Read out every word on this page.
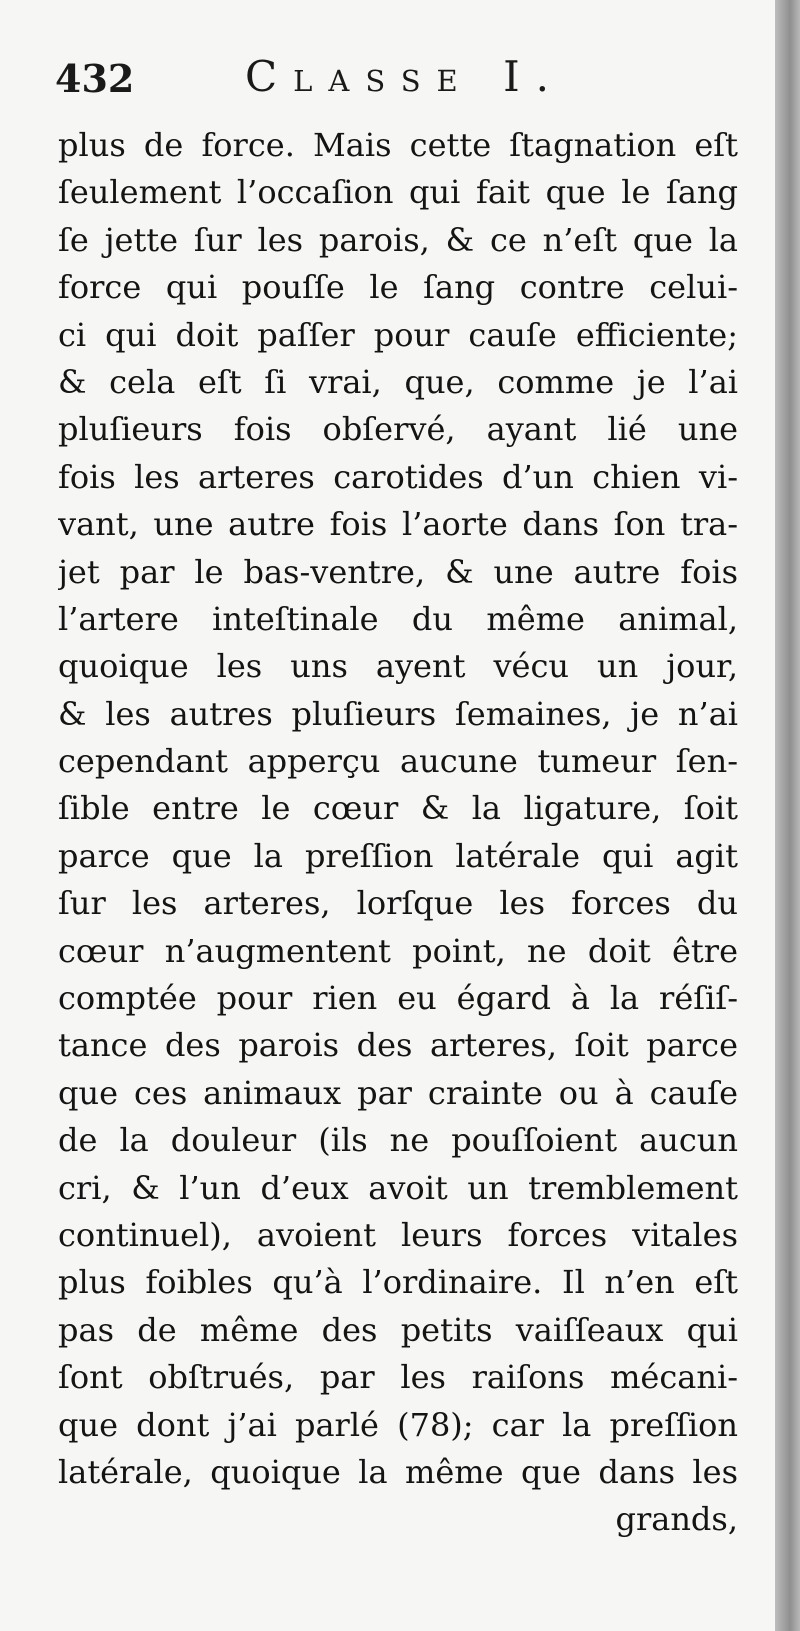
432	Classe I.
plus de force. Mais cette ſtagnation eſt
ſeulement l’occaſion qui fait que le ſang
ſe jette ſur les parois, & ce n’eſt que la
force qui pouſſe le ſang contre celui-
ci qui doit paſſer pour cauſe efficiente;
& cela eſt ſi vrai, que, comme je l’ai
pluſieurs fois obſervé, ayant lié une
fois les arteres carotides d’un chien vi-
vant, une autre fois l’aorte dans ſon tra-
jet par le bas-ventre, & une autre fois
l’artere inteſtinale du même animal,
quoique les uns ayent vécu un jour,
& les autres pluſieurs ſemaines, je n’ai
cependant apperçu aucune tumeur ſen-
ſible entre le cœur & la ligature, ſoit
parce que la preſſion latérale qui agit
ſur les arteres, lorſque les forces du
cœur n’augmentent point, ne doit être
comptée pour rien eu égard à la réſiſ-
tance des parois des arteres, ſoit parce
que ces animaux par crainte ou à cauſe
de la douleur (ils ne pouſſoient aucun
cri, & l’un d’eux avoit un tremblement
continuel), avoient leurs forces vitales
plus foibles qu’à l’ordinaire. Il n’en eſt
pas de même des petits vaiſſeaux qui
ſont obſtrués, par les raiſons mécani-
que dont j’ai parlé (78); car la preſſion
latérale, quoique la même que dans les
grands,
